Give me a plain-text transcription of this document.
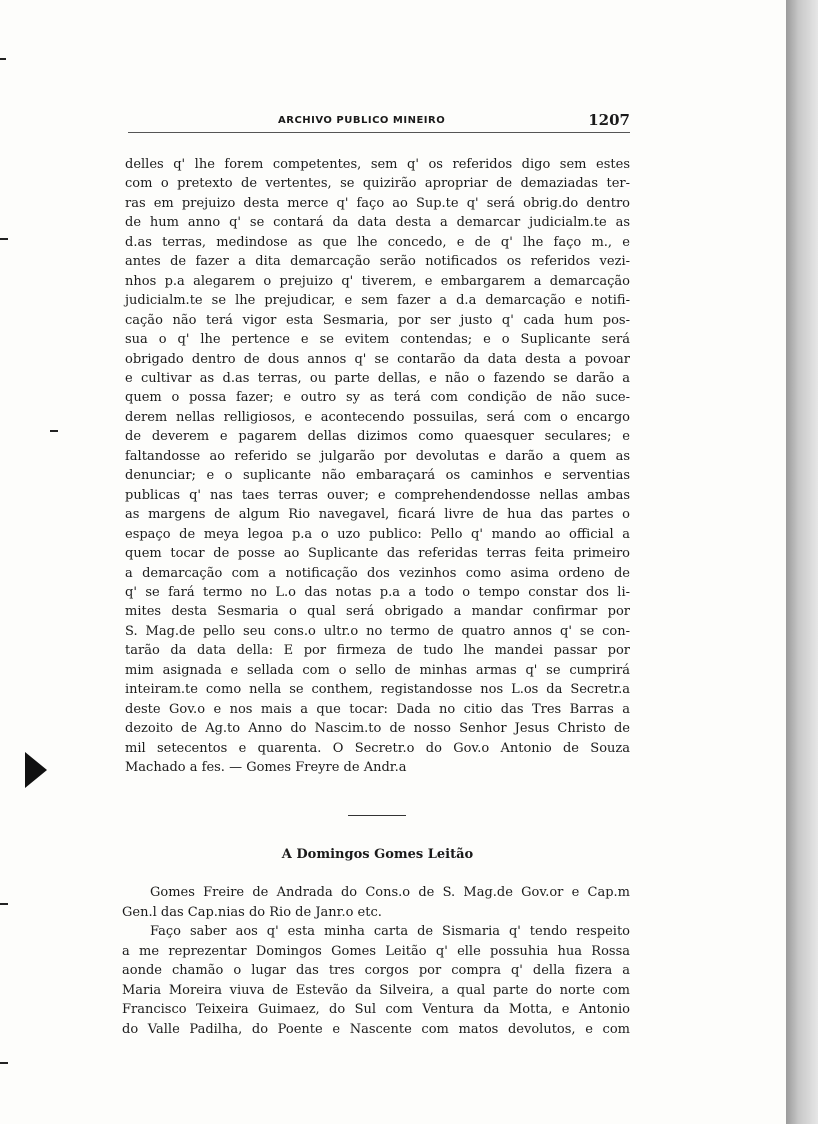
ARCHIVO PUBLICO MINEIRO	1207
delles q' lhe forem competentes, sem q' os referidos digo sem estes
com o pretexto de vertentes, se quizirão apropriar de demaziadas ter-
ras em prejuizo desta merce q' faço ao Sup.te q' será obrig.do dentro
de hum anno q' se contará da data desta a demarcar judicialm.te as
d.as terras, medindose as que lhe concedo, e de q' lhe faço m., e
antes de fazer a dita demarcação serão notificados os referidos vezi-
nhos p.a alegarem o prejuizo q' tiverem, e embargarem a demarcação
judicialm.te se lhe prejudicar, e sem fazer a d.a demarcação e notifi-
cação não terá vigor esta Sesmaria, por ser justo q' cada hum pos-
sua o q' lhe pertence e se evitem contendas; e o Suplicante será
obrigado dentro de dous annos q' se contarão da data desta a povoar
e cultivar as d.as terras, ou parte dellas, e não o fazendo se darão a
quem o possa fazer; e outro sy as terá com condição de não suce-
derem nellas relligiosos, e acontecendo possuilas, será com o encargo
de deverem e pagarem dellas dizimos como quaesquer seculares; e
faltandosse ao referido se julgarão por devolutas e darão a quem as
denunciar; e o suplicante não embaraçará os caminhos e serventias
publicas q' nas taes terras ouver; e comprehendendosse nellas ambas
as margens de algum Rio navegavel, ficará livre de hua das partes o
espaço de meya legoa p.a o uzo publico: Pello q' mando ao official a
quem tocar de posse ao Suplicante das referidas terras feita primeiro
a demarcação com a notificação dos vezinhos como asima ordeno de
q' se fará termo no L.o das notas p.a a todo o tempo constar dos li-
mites desta Sesmaria o qual será obrigado a mandar confirmar por
S. Mag.de pello seu cons.o ultr.o no termo de quatro annos q' se con-
tarão da data della: E por firmeza de tudo lhe mandei passar por
mim asignada e sellada com o sello de minhas armas q' se cumprirá
inteiram.te como nella se conthem, registandosse nos L.os da Secretr.a
deste Gov.o e nos mais a que tocar: Dada no citio das Tres Barras a
dezoito de Ag.to Anno do Nascim.to de nosso Senhor Jesus Christo de
mil setecentos e quarenta. O Secretr.o do Gov.o Antonio de Souza
Machado a fes. — Gomes Freyre de Andr.a
A Domingos Gomes Leitão
Gomes Freire de Andrada do Cons.o de S. Mag.de Gov.or e Cap.m
Gen.l das Cap.nias do Rio de Janr.o etc.
Faço saber aos q' esta minha carta de Sismaria q' tendo respeito
a me reprezentar Domingos Gomes Leitão q' elle possuhia hua Rossa
aonde chamão o lugar das tres corgos por compra q' della fizera a
Maria Moreira viuva de Estevão da Silveira, a qual parte do norte com
Francisco Teixeira Guimaez, do Sul com Ventura da Motta, e Antonio
do Valle Padilha, do Poente e Nascente com matos devolutos, e com
